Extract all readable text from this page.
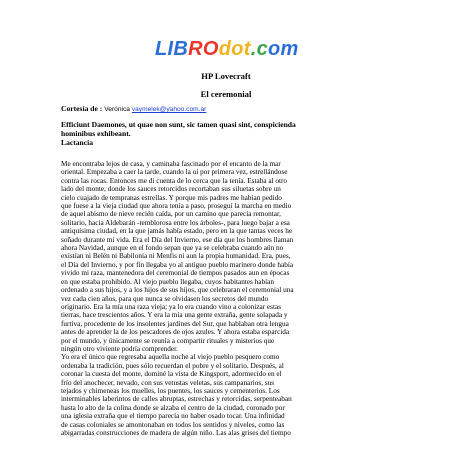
LIBROdot.com
HP Lovecraft
El ceremonial
Cortesía de : Verónica vaymelek@yahoo.com.ar
Efficiunt Daemones, ut quae non sunt, sic tamen quasi sint, conspicienda
hominibus exhibeant.
Lactancia
Me encontraba lejos de casa, y caminaba fascinado por el encanto de la mar
oriental. Empezaba a caer la tarde, cuando la oí por primera vez, estrellándose
contra las rocas. Entonces me di cuenta de lo cerca que la tenía. Estaba al otro
lado del monte, donde los sauces retorcidos recortaban sus siluetas sobre un
cielo cuajado de tempranas estrellas. Y porque mis padres me habían pedido
que fuese a la vieja ciudad que ahora tenía a paso, proseguí la marcha en medio
de aquel abismo de nieve recién caída, por un camino que parecía remontar,
solitario, hacia Aldebarán -temblorosa entre los árboles-, para luego bajar a esa
antiquísima ciudad, en la que jamás había estado, pero en la que tantas veces he
soñado durante mi vida. Era el Día del Invierno, ese día que los hombres llaman
ahora Navidad, aunque en el fondo sepan que ya se celebraba cuando aún no
existían ni Belén ni Babilonia ni Menfis ni aun la propia humanidad. Era, pues,
el Día del Invierno, y por fin llegaba yo al antiguo pueblo marinero donde había
vivido mi raza, mantenedora del ceremonial de tiempos pasados aun en épocas
en que estaba prohibido. Al viejo pueblo llegaba, cuyos habitantes habían
ordenado a sus hijos, y a los hijos de sus hijos, que celebraran el ceremonial una
vez cada cien años, para que nunca se olvidasen los secretos del mundo
originario. Era la mía una raza vieja; ya lo era cuando vino a colonizar estas
tierras, hace trescientos años. Y era la mía una gente extraña, gente solapada y
furtiva, procedente de los insolentes jardines del Sur, que hablaban otra lengua
antes de aprender la de los pescadores de ojos azules. Y ahora estaba esparcida
por el mundo, y únicamente se reunía a compartir rituales y misterios que
ningún otro viviente podría comprender.
Yo era el único que regresaba aquella noche al viejo pueblo pesquero como
ordenaba la tradición, pues sólo recuerdan el pobre y el solitario. Después, al
coronar la cuesta del monte, dominé la vista de Kingsport, adormecido en el
frío del anochecer, nevado, con sus vetustas veletas, sus campanarios, sus
tejados y chimeneas los muelles, los puentes, los sauces y cementerios. Los
interminables laberintos de calles abruptas, estrechas y retorcidas, serpenteaban
hasta lo alto de la colina donde se alzaba el centro de la ciudad, coronado por
una iglesia extraña que el tiempo parecía no haber osado tocar. Una infinidad
de casas coloniales se amontonaban en todos los sentidos y niveles, como las
abigarradas construcciones de madera de algún niño. Las alas grises del tiempo
